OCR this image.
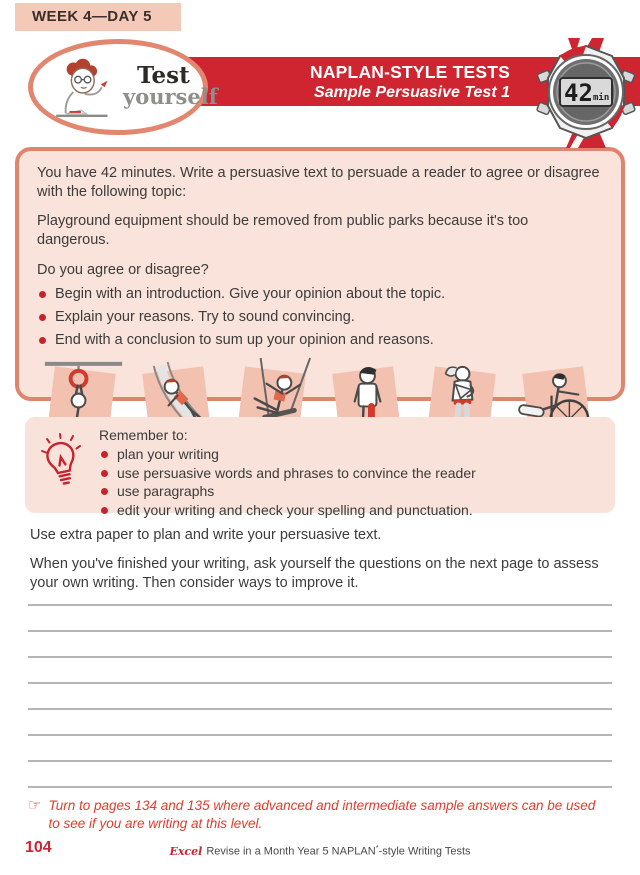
WEEK 4—DAY 5
NAPLAN-STYLE TESTS
Sample Persuasive Test 1
Test
yourself	42 min

You have 42 minutes. Write a persuasive text to persuade a reader to agree or disagree with the following topic:

Playground equipment should be removed from public parks because it's too dangerous.

Do you agree or disagree?

Begin with an introduction. Give your opinion about the topic.
Explain your reasons. Try to sound convincing.
End with a conclusion to sum up your opinion and reasons.
Remember to:
plan your writing
use persuasive words and phrases to convince the reader
use paragraphs
edit your writing and check your spelling and punctuation.

Use extra paper to plan and write your persuasive text.

When you've finished your writing, ask yourself the questions on the next page to assess your own writing. Then consider ways to improve it.

☞ Turn to pages 134 and 135 where advanced and intermediate sample answers can be used to see if you are writing at this level.
104	Excel Revise in a Month Year 5 NAPLAN*-style Writing Tests
